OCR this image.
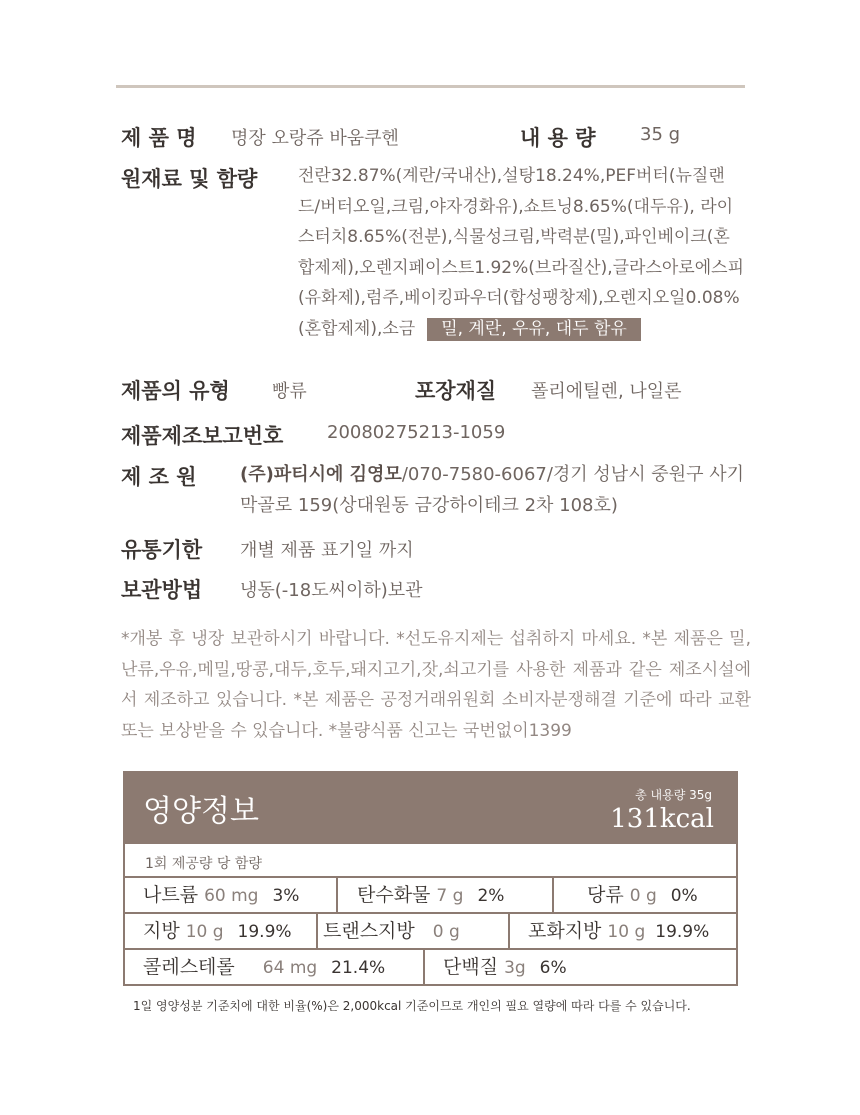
제 품 명 명장 오랑쥬 바움쿠헨	내 용 량 35 g
원재료 및 함량 전란32.87%(계란/국내산),설탕18.24%,PEF버터(뉴질랜드/버터오일,크림,야자경화유),쇼트닝8.65%(대두유), 라이스터치8.65%(전분),식물성크림,박력분(밀),파인베이크(혼합제제),오렌지페이스트1.92%(브라질산),글라스아로에스피(유화제),럼주,베이킹파우더(합성팽창제),오렌지오일0.08%(혼합제제),소금 밀, 계란, 우유, 대두 함유
제품의 유형 빵류	포장재질 폴리에틸렌, 나일론
제품제조보고번호 20080275213-1059
제 조 원 (주)파티시에 김영모/070-7580-6067/경기 성남시 중원구 사기막골로 159(상대원동 금강하이테크 2차 108호)
유통기한 개별 제품 표기일 까지
보관방법 냉동(-18도씨이하)보관
*개봉 후 냉장 보관하시기 바랍니다. *선도유지제는 섭취하지 마세요. *본 제품은 밀,난류,우유,메밀,땅콩,대두,호두,돼지고기,잣,쇠고기를 사용한 제품과 같은 제조시설에서 제조하고 있습니다. *본 제품은 공정거래위원회 소비자분쟁해결 기준에 따라 교환 또는 보상받을 수 있습니다. *불량식품 신고는 국번없이1399
영양정보	총 내용량 35g
131kcal
1회 제공량 당 함량
나트륨 60 mg 3%	탄수화물 7 g 2%	당류 0 g 0%
지방 10 g 19.9% 트랜스지방 0 g	포화지방 10 g 19.9%
콜레스테롤 64 mg 21.4%	단백질 3g 6%
1일 영양성분 기준치에 대한 비율(%)은 2,000kcal 기준이므로 개인의 필요 열량에 따라 다를 수 있습니다.
